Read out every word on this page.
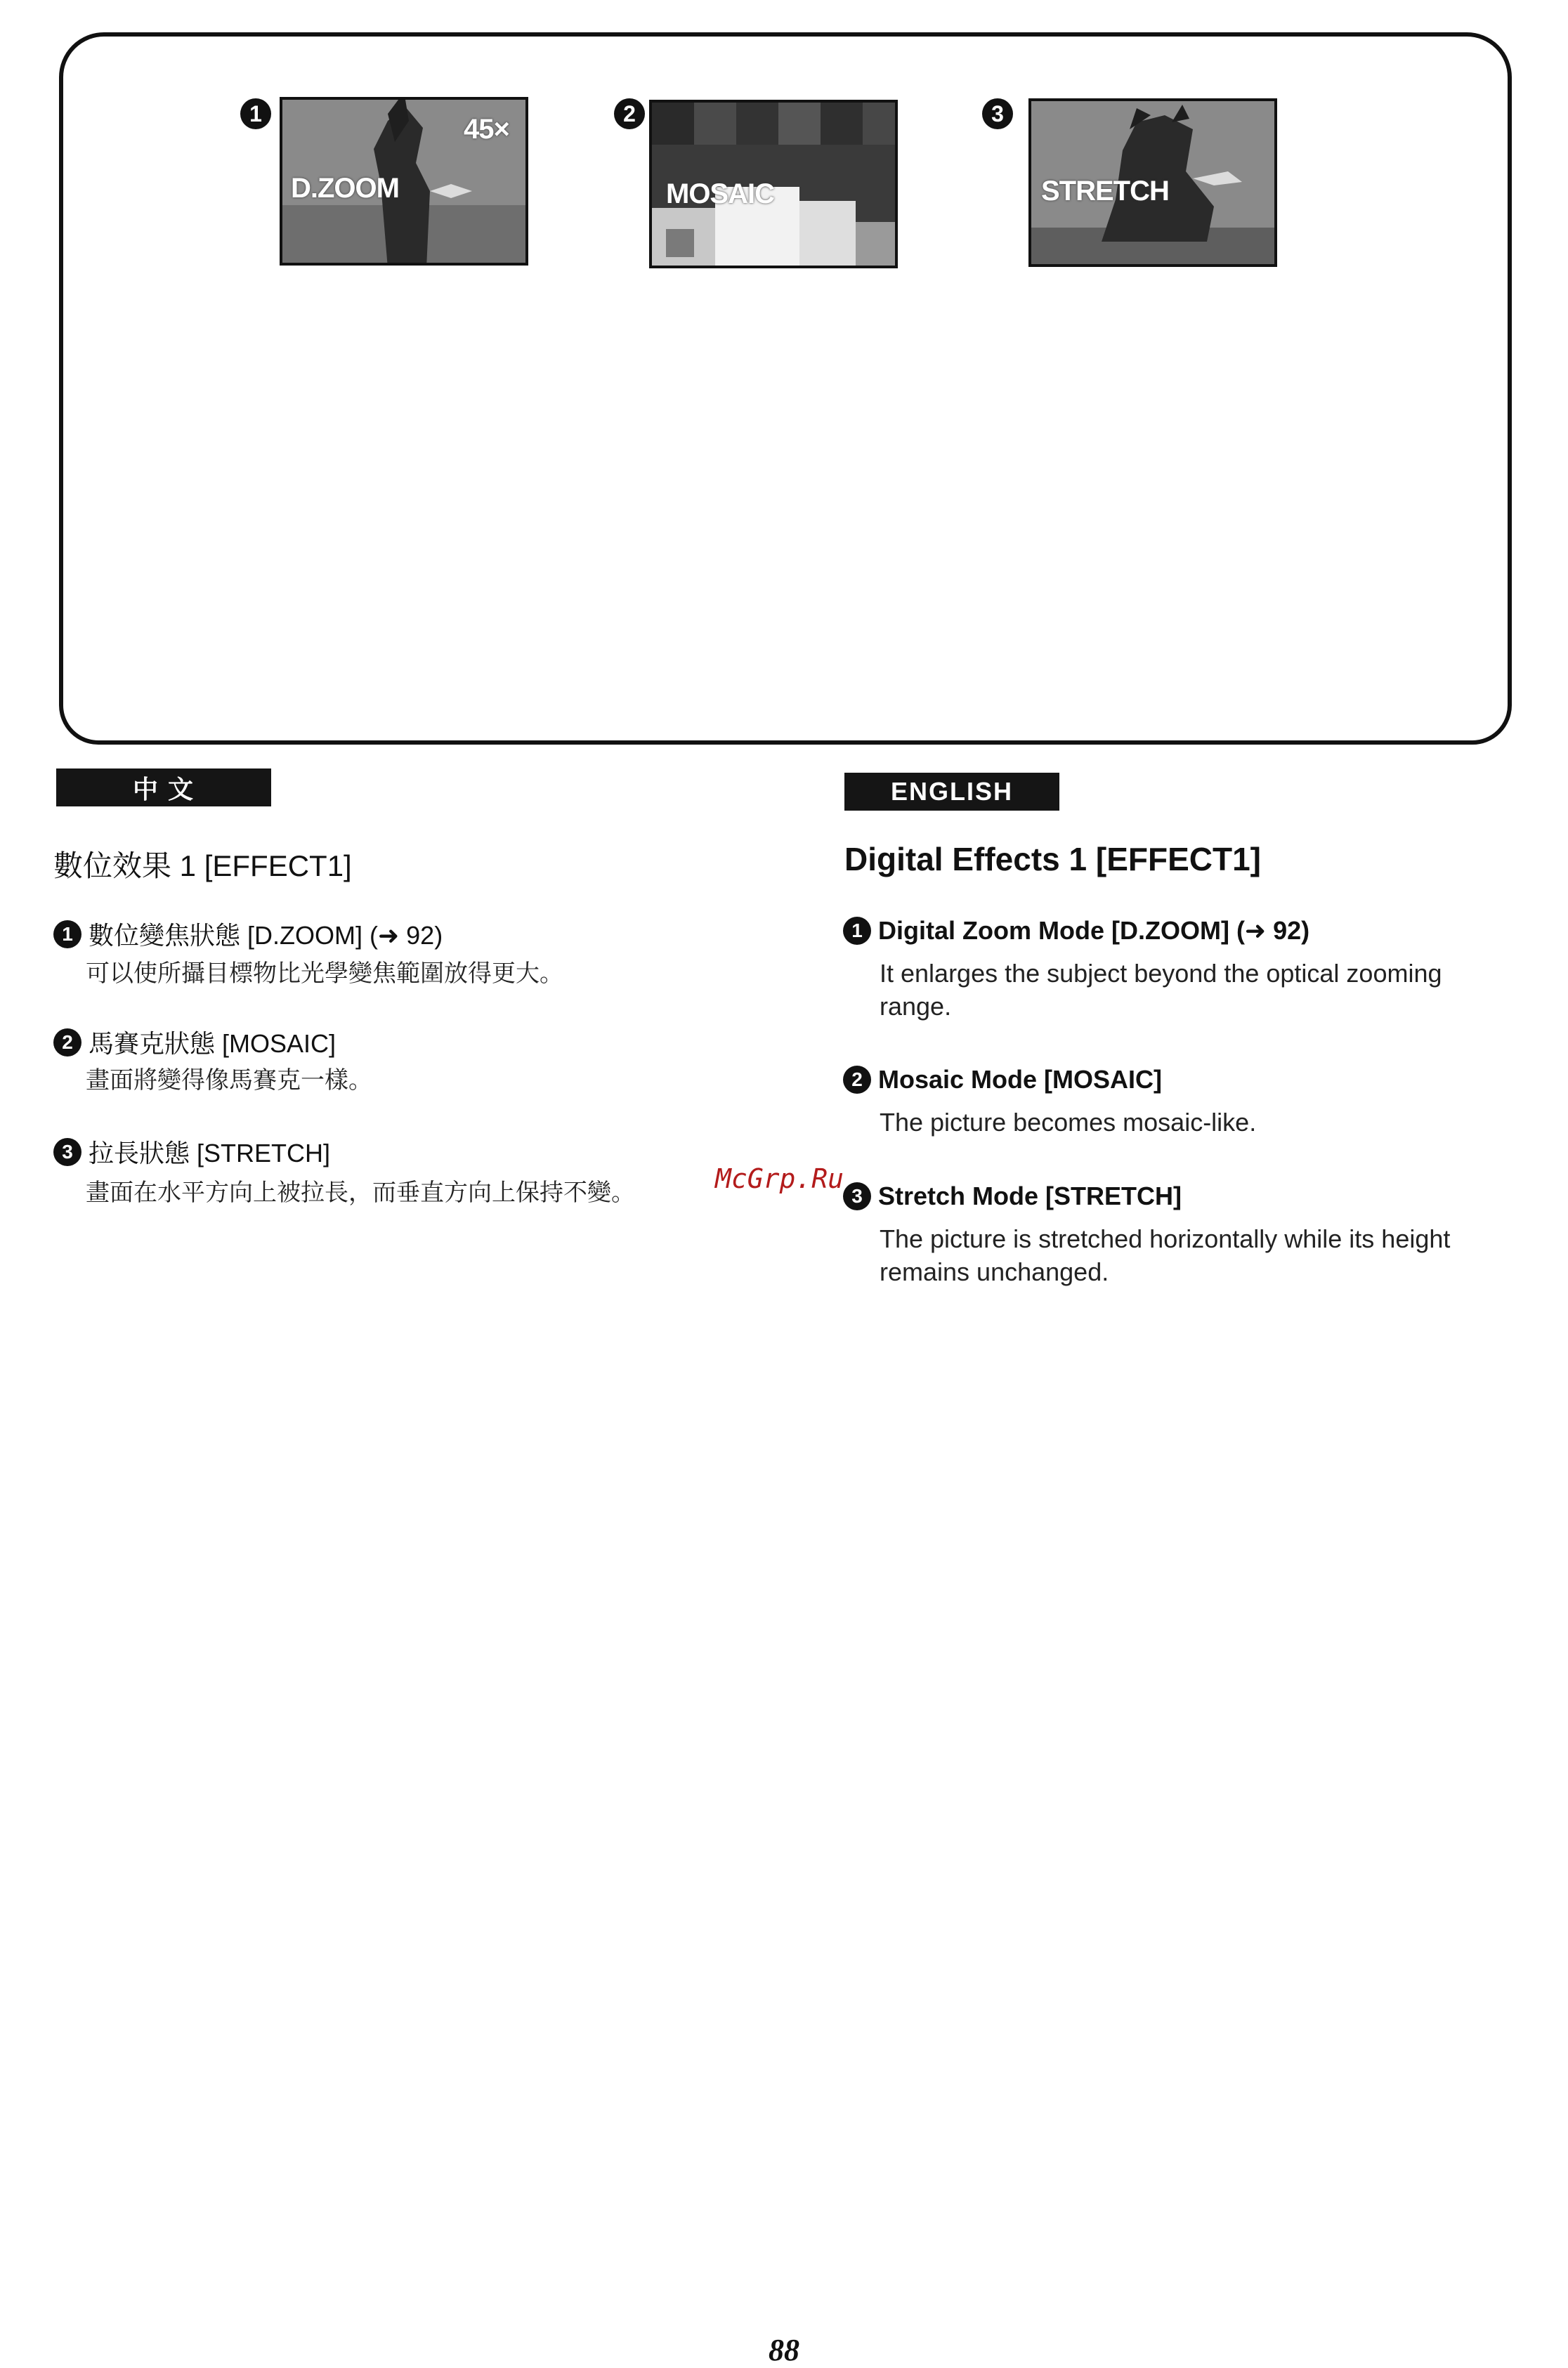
1
D.ZOOM
45×
2
MOSAIC
3
STRETCH
中 文	ENGLISH
數位效果 1 [EFFECT1]
1 數位變焦狀態 [D.ZOOM] (➜ 92)
可以使所攝目標物比光學變焦範圍放得更大。
2 馬賽克狀態 [MOSAIC]
畫面將變得像馬賽克一樣。
3 拉長狀態 [STRETCH]
畫面在水平方向上被拉長，而垂直方向上保持不變。
Digital Effects 1 [EFFECT1]
1 Digital Zoom Mode [D.ZOOM] (➜ 92)
It enlarges the subject beyond the optical zooming range.
2 Mosaic Mode [MOSAIC]
The picture becomes mosaic-like.
3 Stretch Mode [STRETCH]
The picture is stretched horizontally while its height remains unchanged.
McGrp.Ru
88
